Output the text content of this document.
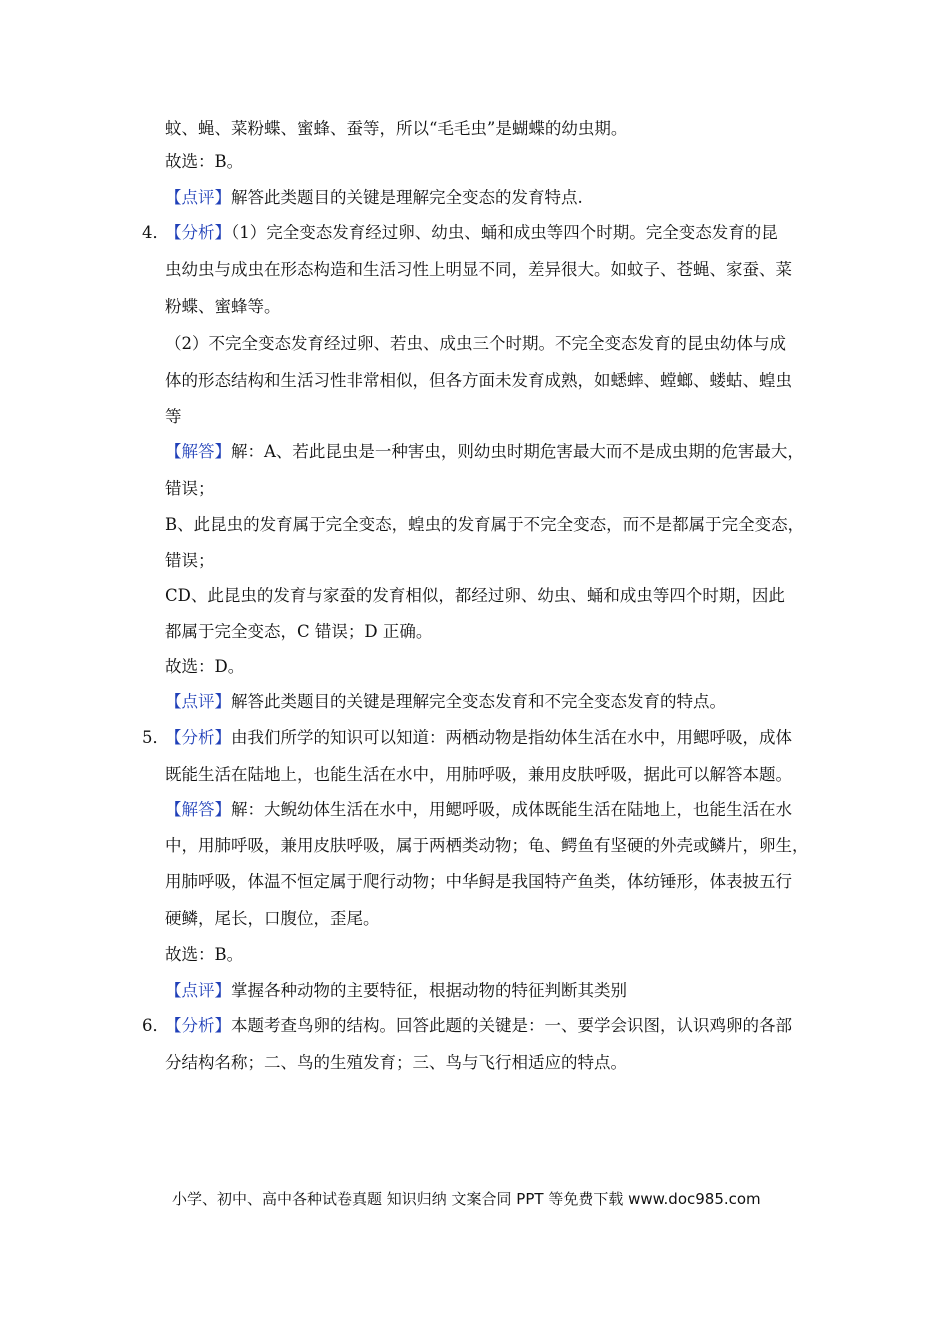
蚊、蝇、菜粉蝶、蜜蜂、蚕等，所以“毛毛虫”是蝴蝶的幼虫期。
故选：B。
【点评】解答此类题目的关键是理解完全变态的发育特点.
4．
【分析】（1）完全变态发育经过卵、幼虫、蛹和成虫等四个时期。完全变态发育的昆
虫幼虫与成虫在形态构造和生活习性上明显不同，差异很大。如蚊子、苍蝇、家蚕、菜
粉蝶、蜜蜂等。
（2）不完全变态发育经过卵、若虫、成虫三个时期。不完全变态发育的昆虫幼体与成
体的形态结构和生活习性非常相似，但各方面未发育成熟，如蟋蟀、螳螂、蝼蛄、蝗虫
等
【解答】解：A、若此昆虫是一种害虫，则幼虫时期危害最大而不是成虫期的危害最大，
错误；
B、此昆虫的发育属于完全变态，蝗虫的发育属于不完全变态，而不是都属于完全变态，
错误；
CD、此昆虫的发育与家蚕的发育相似，都经过卵、幼虫、蛹和成虫等四个时期，因此
都属于完全变态，C 错误；D 正确。
故选：D。
【点评】解答此类题目的关键是理解完全变态发育和不完全变态发育的特点。
5．
【分析】由我们所学的知识可以知道：两栖动物是指幼体生活在水中，用鳃呼吸，成体
既能生活在陆地上，也能生活在水中，用肺呼吸，兼用皮肤呼吸，据此可以解答本题。
【解答】解：大鲵幼体生活在水中，用鳃呼吸，成体既能生活在陆地上，也能生活在水
中，用肺呼吸，兼用皮肤呼吸，属于两栖类动物；龟、鳄鱼有坚硬的外壳或鳞片，卵生，
用肺呼吸，体温不恒定属于爬行动物；中华鲟是我国特产鱼类，体纺锤形，体表披五行
硬鳞，尾长，口腹位，歪尾。
故选：B。
【点评】掌握各种动物的主要特征，根据动物的特征判断其类别
6．
【分析】本题考查鸟卵的结构。回答此题的关键是：一、要学会识图，认识鸡卵的各部
分结构名称；二、鸟的生殖发育；三、鸟与飞行相适应的特点。
小学、初中、高中各种试卷真题 知识归纳 文案合同 PPT 等免费下载 www.doc985.com
